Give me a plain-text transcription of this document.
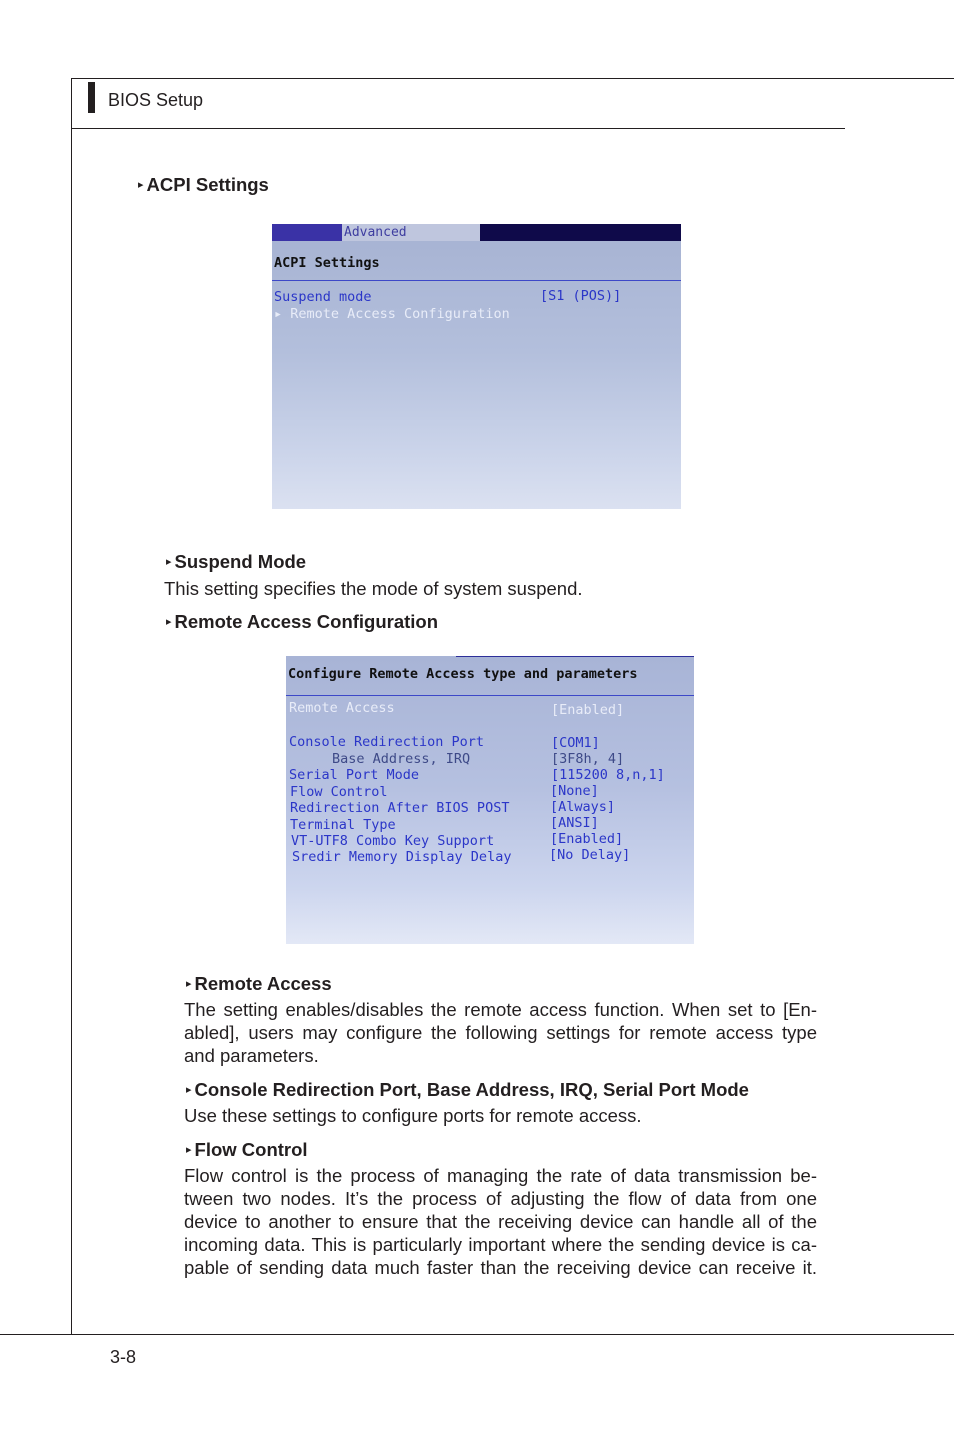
BIOS Setup
▸ ACPI Settings
Advanced
ACPI Settings
Suspend mode	[S1 (POS)]
▸ Remote Access Configuration
▸ Suspend Mode
This setting specifies the mode of system suspend.
▸ Remote Access Configuration
Configure Remote Access type and parameters
Remote Access	[Enabled]
Console Redirection Port	[COM1]
Base Address, IRQ	[3F8h, 4]
Serial Port Mode	[115200 8,n,1]
Flow Control	[None]
Redirection After BIOS POST	[Always]
Terminal Type	[ANSI]
VT-UTF8 Combo Key Support	[Enabled]
Sredir Memory Display Delay	[No Delay]
▸ Remote Access
The setting enables/disables the remote access function. When set to [En-
abled], users may configure the following settings for remote access type
and parameters.
▸ Console Redirection Port, Base Address, IRQ, Serial Port Mode
Use these settings to configure ports for remote access.
▸ Flow Control
Flow control is the process of managing the rate of data transmission be-
tween two nodes. It’s the process of adjusting the flow of data from one
device to another to ensure that the receiving device can handle all of the
incoming data. This is particularly important where the sending device is ca-
pable of sending data much faster than the receiving device can receive it.
3-8
